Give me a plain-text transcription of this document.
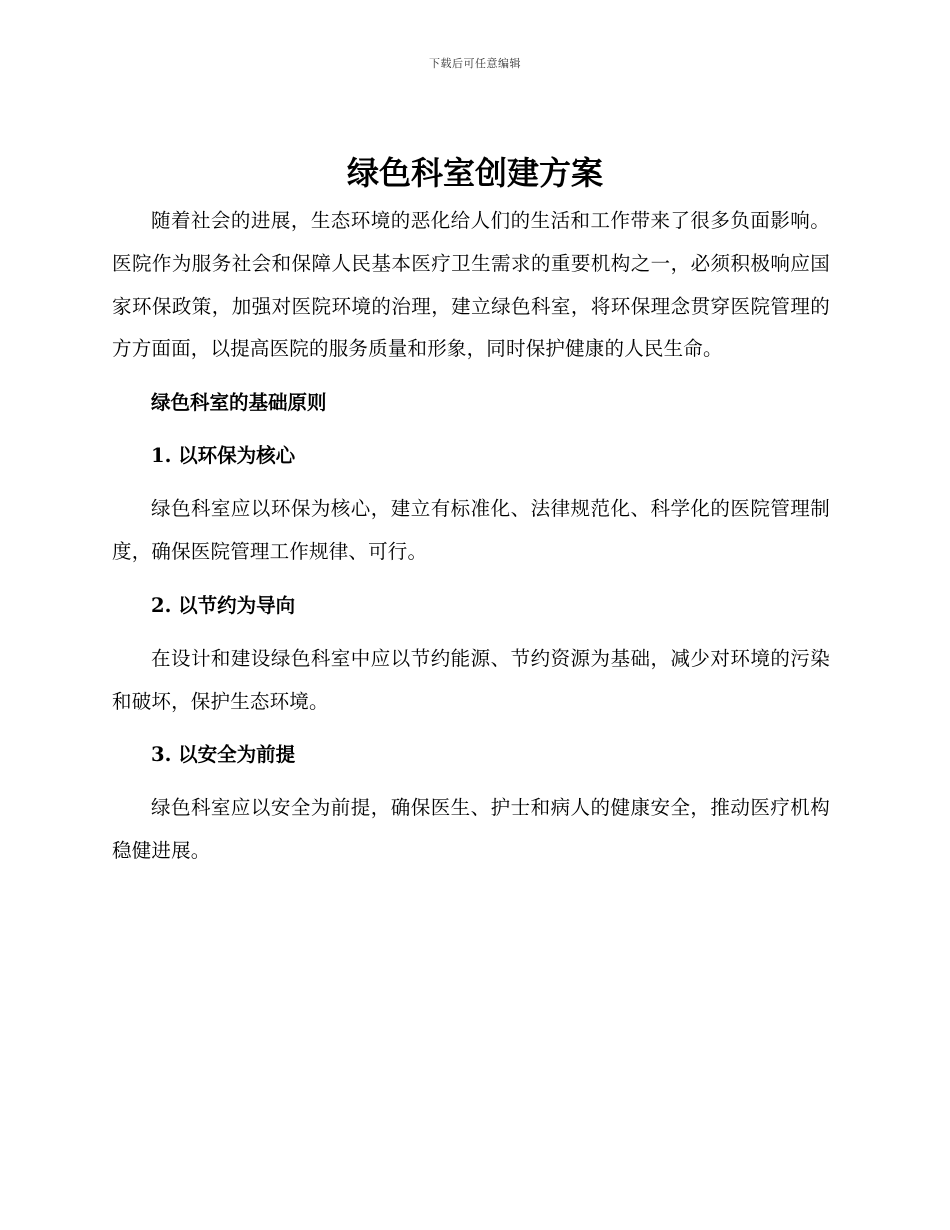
下载后可任意编辑
绿色科室创建方案

随着社会的进展，生态环境的恶化给人们的生活和工作带来了很多负面影响。医院作为服务社会和保障人民基本医疗卫生需求的重要机构之一，必须积极响应国家环保政策，加强对医院环境的治理，建立绿色科室，将环保理念贯穿医院管理的方方面面，以提高医院的服务质量和形象，同时保护健康的人民生命。

绿色科室的基础原则
1. 以环保为核心

绿色科室应以环保为核心，建立有标准化、法律规范化、科学化的医院管理制度，确保医院管理工作规律、可行。

2. 以节约为导向

在设计和建设绿色科室中应以节约能源、节约资源为基础，减少对环境的污染和破坏，保护生态环境。

3. 以安全为前提

绿色科室应以安全为前提，确保医生、护士和病人的健康安全，推动医疗机构稳健进展。
